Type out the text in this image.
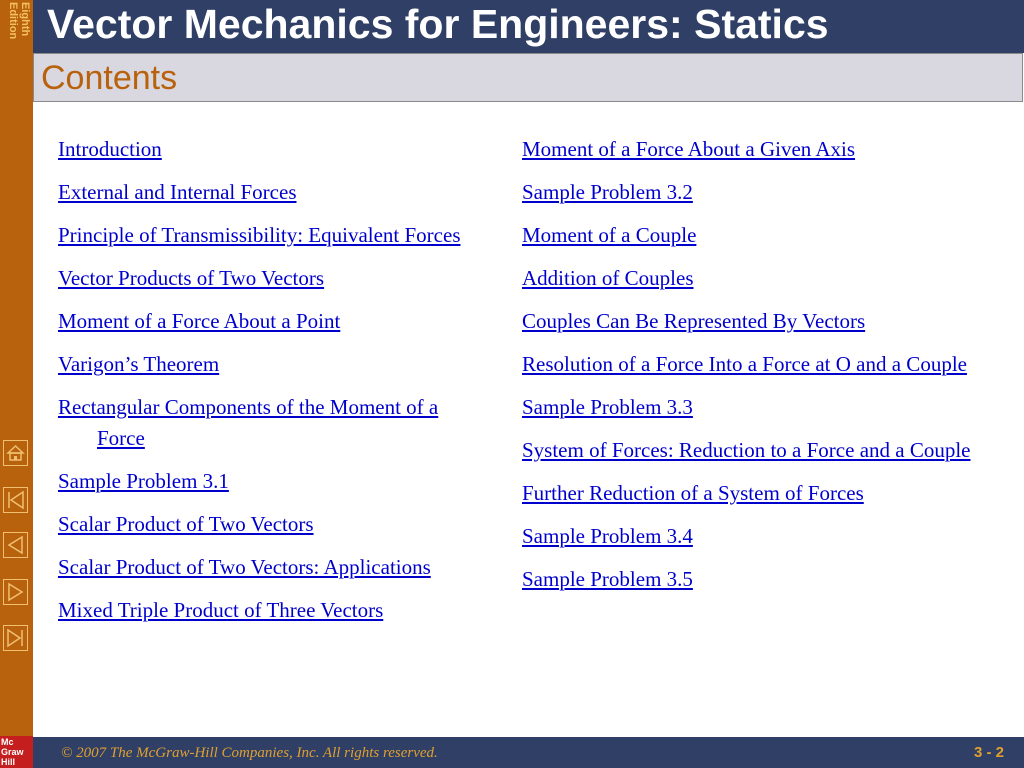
Eighth
Edition
Mc
Graw
Hill
Vector Mechanics for Engineers: Statics
Contents
Introduction
External and Internal Forces
Principle of Transmissibility: Equivalent Forces
Vector Products of Two Vectors
Moment of a Force About a Point
Varigon’s Theorem
Rectangular Components of the Moment of a Force
Sample Problem 3.1
Scalar Product of Two Vectors
Scalar Product of Two Vectors: Applications
Mixed Triple Product of Three Vectors
Moment of a Force About a Given Axis
Sample Problem 3.2
Moment of a Couple
Addition of Couples
Couples Can Be Represented By Vectors
Resolution of a Force Into a Force at O and a Couple
Sample Problem 3.3
System of Forces: Reduction to a Force and a Couple
Further Reduction of a System of Forces
Sample Problem 3.4
Sample Problem 3.5
© 2007 The McGraw-Hill Companies, Inc. All rights reserved.	3 - 2
